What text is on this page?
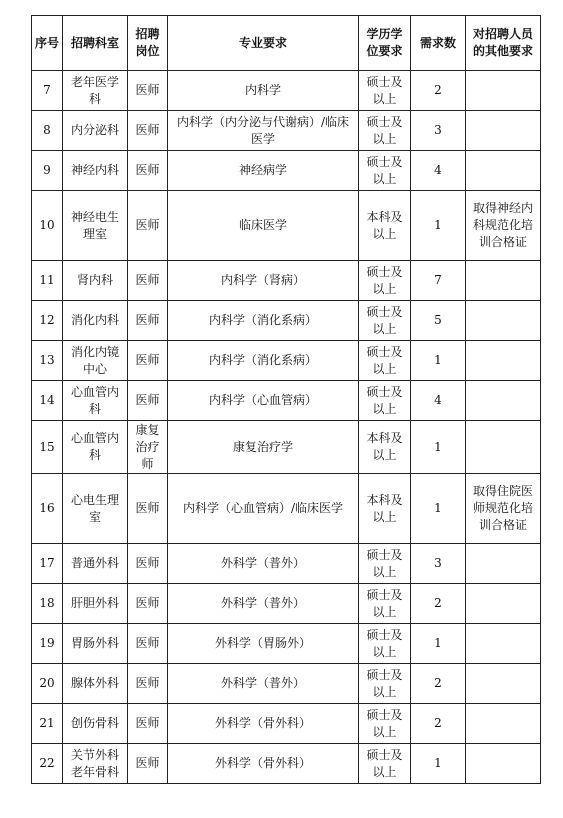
序号	招聘科室	招聘岗位	专业要求	学历学位要求	需求数	对招聘人员的其他要求
7	老年医学科	医师	内科学	硕士及以上	2	
8	内分泌科	医师	内科学（内分泌与代谢病）/临床医学	硕士及以上	3	
9	神经内科	医师	神经病学	硕士及以上	4	
10	神经电生理室	医师	临床医学	本科及以上	1	取得神经内科规范化培训合格证
11	肾内科	医师	内科学（肾病）	硕士及以上	7	
12	消化内科	医师	内科学（消化系病）	硕士及以上	5	
13	消化内镜中心	医师	内科学（消化系病）	硕士及以上	1	
14	心血管内科	医师	内科学（心血管病）	硕士及以上	4	
15	心血管内科	康复治疗师	康复治疗学	本科及以上	1	
16	心电生理室	医师	内科学（心血管病）/临床医学	本科及以上	1	取得住院医师规范化培训合格证
17	普通外科	医师	外科学（普外）	硕士及以上	3	
18	肝胆外科	医师	外科学（普外）	硕士及以上	2	
19	胃肠外科	医师	外科学（胃肠外）	硕士及以上	1	
20	腺体外科	医师	外科学（普外）	硕士及以上	2	
21	创伤骨科	医师	外科学（骨外科）	硕士及以上	2	
22	关节外科老年骨科	医师	外科学（骨外科）	硕士及以上	1	
